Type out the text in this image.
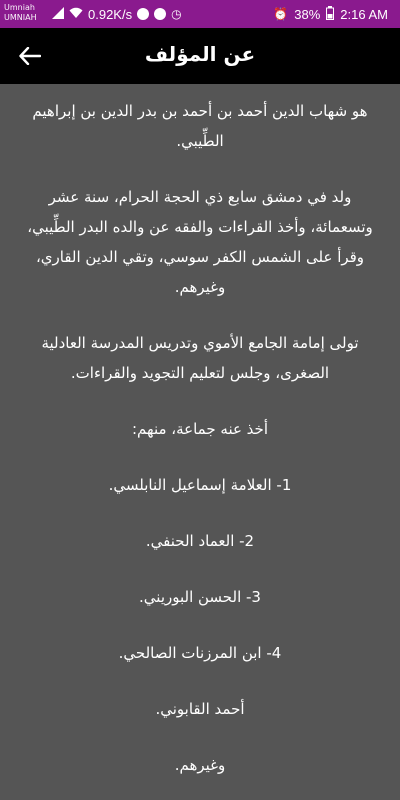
Umniah
UMNIAH	0.92K/s	◷	⏰ 38% 2:16 AM
عن المؤلف

هو شهاب الدين أحمد بن أحمد بن بدر الدين بن إبراهيم الطِّيبي.

ولد في دمشق سابع ذي الحجة الحرام، سنة عشر وتسعمائة، وأخذ القراءات والفقه عن والده البدر الطِّيبي، وقرأ على الشمس الكفر سوسي، وتقي الدين القاري، وغيرهم.

تولى إمامة الجامع الأموي وتدريس المدرسة العادلية الصغرى، وجلس لتعليم التجويد والقراءات.

أخذ عنه جماعة، منهم:

1- العلامة إسماعيل النابلسي.

2- العماد الحنفي.

3- الحسن البوريني.

4- ابن المرزنات الصالحي.

أحمد القابوني.

وغيرهم.
